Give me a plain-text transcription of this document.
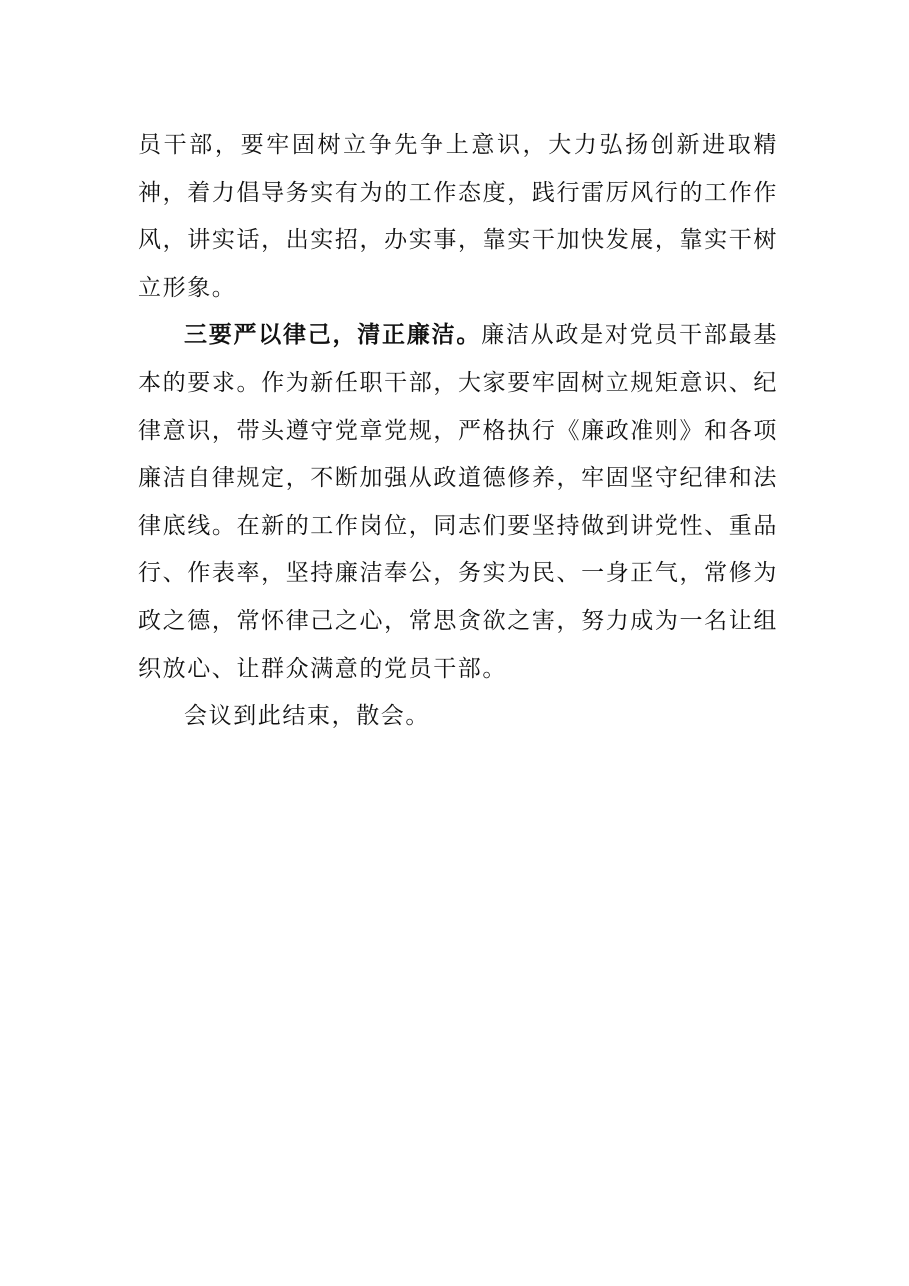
员干部，要牢固树立争先争上意识，大力弘扬创新进取精神，着力倡导务实有为的工作态度，践行雷厉风行的工作作风，讲实话，出实招，办实事，靠实干加快发展，靠实干树立形象。

三要严以律己，清正廉洁。廉洁从政是对党员干部最基本的要求。作为新任职干部，大家要牢固树立规矩意识、纪律意识，带头遵守党章党规，严格执行《廉政准则》和各项廉洁自律规定，不断加强从政道德修养，牢固坚守纪律和法律底线。在新的工作岗位，同志们要坚持做到讲党性、重品行、作表率，坚持廉洁奉公，务实为民、一身正气，常修为政之德，常怀律己之心，常思贪欲之害，努力成为一名让组织放心、让群众满意的党员干部。

会议到此结束，散会。
